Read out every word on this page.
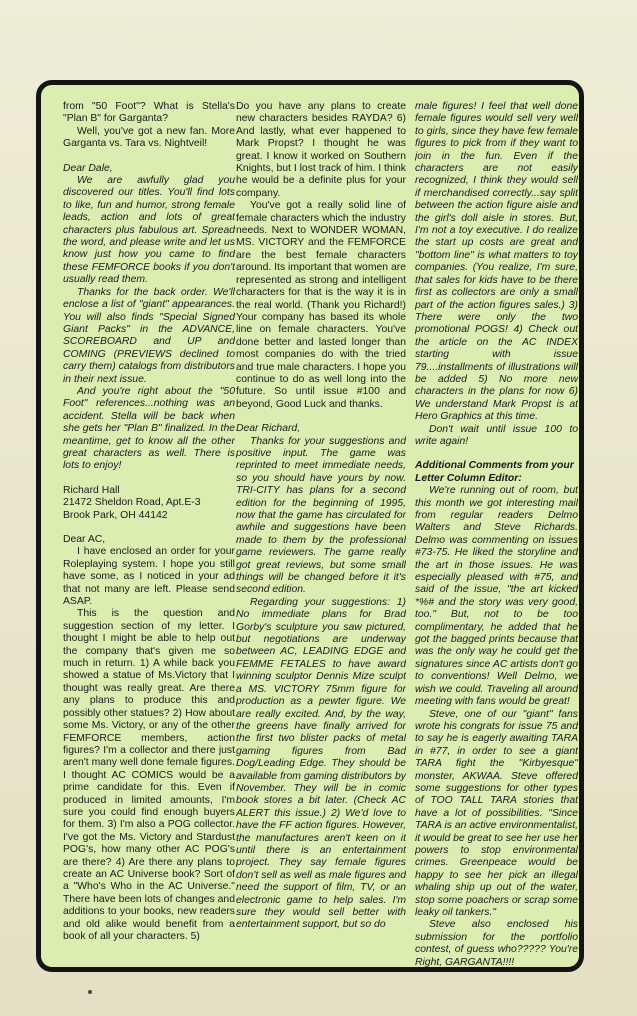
from "50 Foot"? What is Stella's "Plan B" for Garganta?

Well, you've got a new fan. More Garganta vs. Tara vs. Nightveil!

Dear Dale,

We are awfully glad you discovered our titles. You'll find lots to like, fun and humor, strong female leads, action and lots of great characters plus fabulous art. Spread the word, and please write and let us know just how you came to find these FEMFORCE books if you don't usually read them.

Thanks for the back order. We'll enclose a list of "giant" appearances. You will also finds "Special Signed Giant Packs" in the ADVANCE, SCOREBOARD and UP and COMING (PREVIEWS declined to carry them) catalogs from distributors in their next issue.

And you're right about the "50 Foot" references...nothing was an accident. Stella will be back when she gets her "Plan B" finalized. In the meantime, get to know all the other great characters as well. There is lots to enjoy!

Richard Hall

21472 Sheldon Road, Apt.E-3

Brook Park, OH 44142

Dear AC,

I have enclosed an order for your Roleplaying system. I hope you still have some, as I noticed in your ad that not many are left. Please send ASAP.

This is the question and suggestion section of my letter. I thought I might be able to help out the company that's given me so much in return. 1) A while back you showed a statue of Ms.Victory that I thought was really great. Are there any plans to produce this and possibly other statues? 2) How about some Ms. Victory, or any of the other FEMFORCE members, action figures? I'm a collector and there just aren't many well done female figures. I thought AC COMICS would be a prime candidate for this. Even if produced in limited amounts, I'm sure you could find enough buyers for them. 3) I'm also a POG collector. I've got the Ms. Victory and Stardust POG's, how many other AC POG's are there? 4) Are there any plans to create an AC Universe book? Sort of a "Who's Who in the AC Universe." There have been lots of changes and additions to your books, new readers and old alike would benefit from a book of all your characters. 5)

Do you have any plans to create new characters besides RAYDA? 6) And lastly, what ever happened to Mark Propst? I thought he was great. I know it worked on Southern Knights, but I lost track of him. I think he would be a definite plus for your company.

You've got a really solid line of female characters which the industry needs. Next to WONDER WOMAN, MS. VICTORY and the FEMFORCE are the best female characters around. Its important that women are represented as strong and intelligent characters for that is the way it is in the real world. (Thank you Richard!) Your company has based its whole line on female characters. You've done better and lasted longer than most companies do with the tried and true male characters. I hope you continue to do as well long into the future. So until issue #100 and beyond, Good Luck and thanks.

Dear Richard,

Thanks for your suggestions and positive input. The game was reprinted to meet immediate needs, so you should have yours by now. TRI-CITY has plans for a second edition for the beginning of 1995, now that the game has circulated for awhile and suggestions have been made to them by the professional game reviewers. The game really got great reviews, but some small things will be changed before it it's second edition.

Regarding your suggestions: 1) No immediate plans for Brad Gorby's sculpture you saw pictured, but negotiations are underway between AC, LEADING EDGE and FEMME FETALES to have award winning sculptor Dennis Mize sculpt a MS. VICTORY 75mm figure for production as a pewter figure. We are really excited. And, by the way, the greens have finally arrived for the first two blister packs of metal gaming figures from Bad Dog/Leading Edge. They should be available from gaming distributors by November. They will be in comic book stores a bit later. (Check AC ALERT this issue.) 2) We'd love to have the FF action figures. However, the manufactures aren't keen on it until there is an entertainment project. They say female figures don't sell as well as male figures and need the support of film, TV, or an electronic game to help sales. I'm sure they would sell better with entertainment support, but so do

male figures! I feel that well done female figures would sell very well to girls, since they have few female figures to pick from if they want to join in the fun. Even if the characters are not easily recognized, I think they would sell if merchandised correctly...say split between the action figure aisle and the girl's doll aisle in stores. But, I'm not a toy executive. I do realize the start up costs are great and "bottom line" is what matters to toy companies. (You realize, I'm sure, that sales for kids have to be there first as collectors are only a small part of the action figures sales.) 3) There were only the two promotional POGS! 4) Check out the article on the AC INDEX starting with issue 79....installments of illustrations will be added 5) No more new characters in the plans for now 6) We understand Mark Propst is at Hero Graphics at this time.

Don't wait until issue 100 to write again!

Additional Comments from your Letter Column Editor:

We're running out of room, but this month we got interesting mail from regular readers Delmo Walters and Steve Richards. Delmo was commenting on issues #73-75. He liked the storyline and the art in those issues. He was especially pleased with #75, and said of the issue, "the art kicked *%# and the story was very good, too." But, not to be too complimentary, he added that he got the bagged prints because that was the only way he could get the signatures since AC artists don't go to conventions! Well Delmo, we wish we could. Traveling all around meeting with fans would be great!

Steve, one of our "giant" fans wrote his congrats for issue 75 and to say he is eagerly awaiting TARA in #77, in order to see a giant TARA fight the "Kirbyesque" monster, AKWAA. Steve offered some suggestions for other types of TOO TALL TARA stories that have a lot of possibilities. "Since TARA is an active environmentalist, it would be great to see her use her powers to stop environmental crimes. Greenpeace would be happy to see her pick an illegal whaling ship up out of the water, stop some poachers or scrap some leaky oil tankers."

Steve also enclosed his submission for the portfolio contest, of guess who????? You're Right, GARGANTA!!!!
